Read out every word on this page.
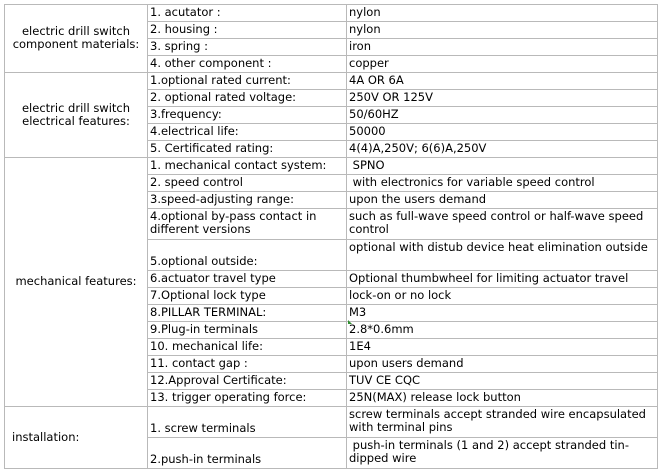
electric drill switch
component materials:	1. acutator :	nylon
	2. housing :	nylon
	3. spring :	iron
	4. other component :	copper
electric drill switch
electrical features:	1.optional rated current:	4A OR 6A
	2. optional rated voltage:	250V OR 125V
	3.frequency:	50/60HZ
	4.electrical life:	50000
	5. Certificated rating:	4(4)A,250V; 6(6)A,250V
mechanical features:	1. mechanical contact system:	SPNO
	2. speed control	with electronics for variable speed control
	3.speed-adjusting range:	upon the users demand
	4.optional by-pass contact in different versions	such as full-wave speed control or half-wave speed control
	5.optional outside:	optional with distub device heat elimination outside
	6.actuator travel type	Optional thumbwheel for limiting actuator travel
	7.Optional lock type	lock-on or no lock
	8.PILLAR TERMINAL:	M3
	9.Plug-in terminals	2.8*0.6mm
	10. mechanical life:	1E4
	11. contact gap :	upon users demand
	12.Approval Certificate:	TUV CE CQC
	13. trigger operating force:	25N(MAX) release lock button
installation:	1. screw terminals	screw terminals accept stranded wire encapsulated with terminal pins
	2.push-in terminals	push-in terminals (1 and 2) accept stranded tin-dipped wire
